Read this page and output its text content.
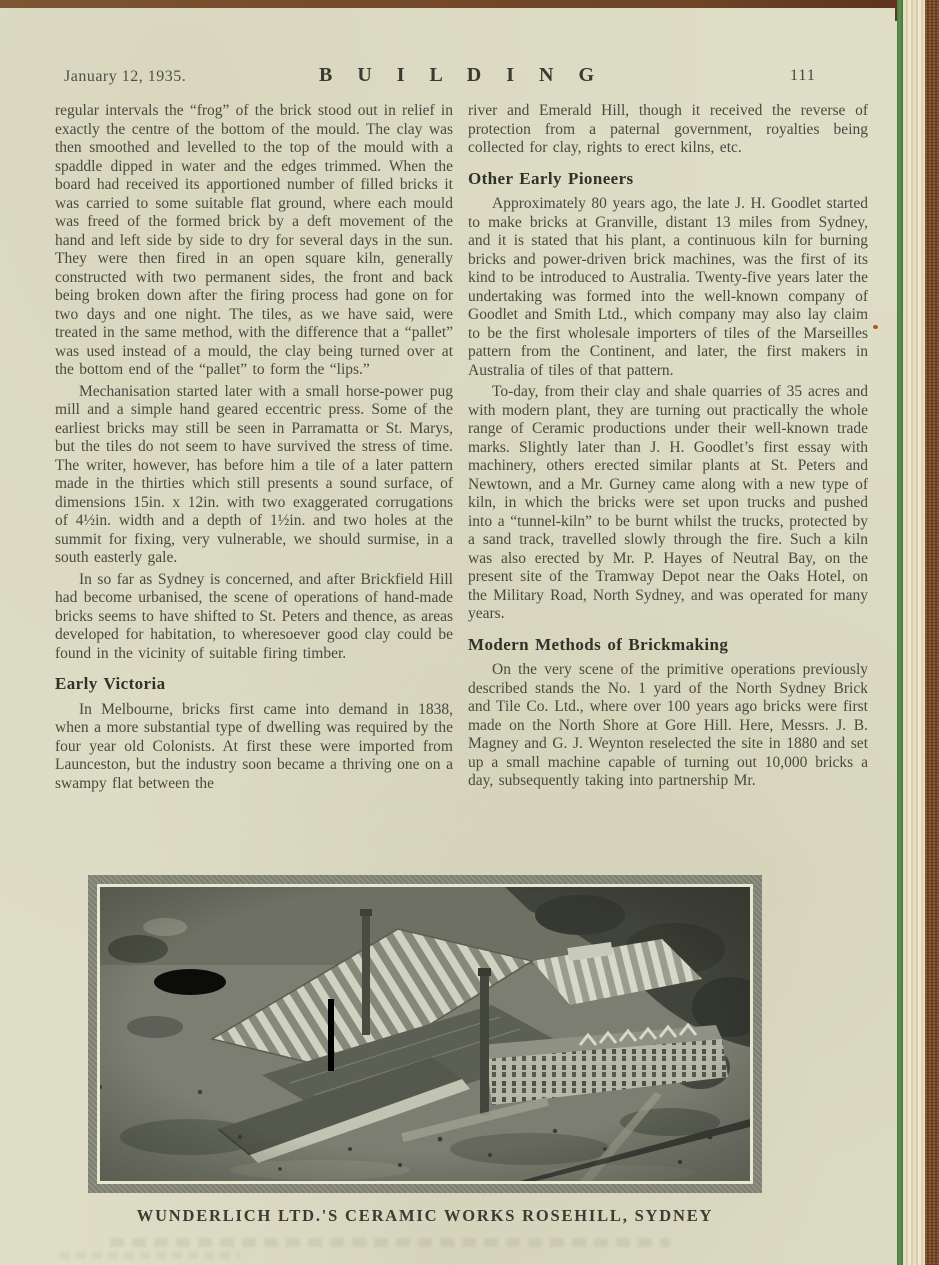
January 12, 1935.	B U I L D I N G	111

regular intervals the “frog” of the brick stood out in relief in exactly the centre of the bottom of the mould. The clay was then smoothed and levelled to the top of the mould with a spaddle dipped in water and the edges trimmed. When the board had received its apportioned number of filled bricks it was carried to some suitable flat ground, where each mould was freed of the formed brick by a deft movement of the hand and left side by side to dry for several days in the sun. They were then fired in an open square kiln, generally constructed with two permanent sides, the front and back being broken down after the firing process had gone on for two days and one night. The tiles, as we have said, were treated in the same method, with the difference that a “pallet” was used instead of a mould, the clay being turned over at the bottom end of the “pallet” to form the “lips.”

Mechanisation started later with a small horse-power pug mill and a simple hand geared eccentric press. Some of the earliest bricks may still be seen in Parramatta or St. Marys, but the tiles do not seem to have survived the stress of time. The writer, however, has before him a tile of a later pattern made in the thirties which still presents a sound surface, of dimensions 15in. x 12in. with two exaggerated corrugations of 4½in. width and a depth of 1½in. and two holes at the summit for fixing, very vulnerable, we should surmise, in a south easterly gale.

In so far as Sydney is concerned, and after Brickfield Hill had become urbanised, the scene of operations of hand-made bricks seems to have shifted to St. Peters and thence, as areas developed for habitation, to wheresoever good clay could be found in the vicinity of suitable firing timber.

Early Victoria

In Melbourne, bricks first came into demand in 1838, when a more substantial type of dwelling was required by the four year old Colonists. At first these were imported from Launceston, but the industry soon became a thriving one on a swampy flat between the

river and Emerald Hill, though it received the reverse of protection from a paternal government, royalties being collected for clay, rights to erect kilns, etc.

Other Early Pioneers

Approximately 80 years ago, the late J. H. Goodlet started to make bricks at Granville, distant 13 miles from Sydney, and it is stated that his plant, a continuous kiln for burning bricks and power-driven brick machines, was the first of its kind to be introduced to Australia. Twenty-five years later the undertaking was formed into the well-known company of Goodlet and Smith Ltd., which company may also lay claim to be the first wholesale importers of tiles of the Marseilles pattern from the Continent, and later, the first makers in Australia of tiles of that pattern.

To-day, from their clay and shale quarries of 35 acres and with modern plant, they are turning out practically the whole range of Ceramic productions under their well-known trade marks. Slightly later than J. H. Goodlet’s first essay with machinery, others erected similar plants at St. Peters and Newtown, and a Mr. Gurney came along with a new type of kiln, in which the bricks were set upon trucks and pushed into a “tunnel-kiln” to be burnt whilst the trucks, protected by a sand track, travelled slowly through the fire. Such a kiln was also erected by Mr. P. Hayes of Neutral Bay, on the present site of the Tramway Depot near the Oaks Hotel, on the Military Road, North Sydney, and was operated for many years.

Modern Methods of Brickmaking

On the very scene of the primitive operations previously described stands the No. 1 yard of the North Sydney Brick and Tile Co. Ltd., where over 100 years ago bricks were first made on the North Shore at Gore Hill. Here, Messrs. J. B. Magney and G. J. Weynton reselected the site in 1880 and set up a small machine capable of turning out 10,000 bricks a day, subsequently taking into partnership Mr.

WUNDERLICH LTD.'S CERAMIC WORKS ROSEHILL, SYDNEY
